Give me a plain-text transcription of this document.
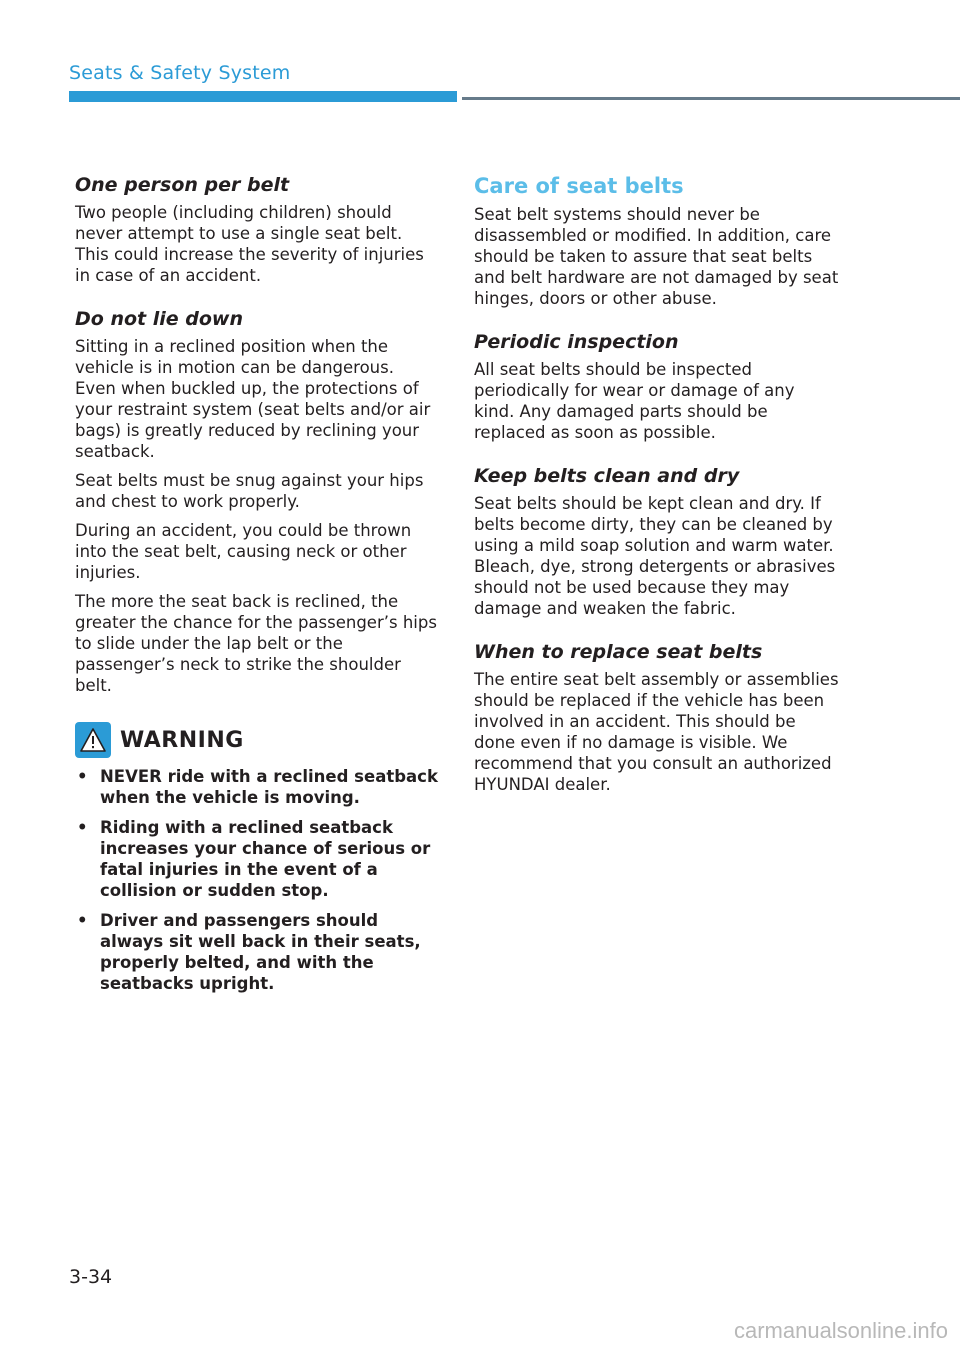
Seats & Safety System
One person per belt

Two people (including children) should never attempt to use a single seat belt. This could increase the severity of injuries in case of an accident.

Do not lie down

Sitting in a reclined position when the vehicle is in motion can be dangerous. Even when buckled up, the protections of your restraint system (seat belts and/or air bags) is greatly reduced by reclining your seatback.

Seat belts must be snug against your hips and chest to work properly.

During an accident, you could be thrown into the seat belt, causing neck or other injuries.

The more the seat back is reclined, the greater the chance for the passenger’s hips to slide under the lap belt or the passenger’s neck to strike the shoulder belt.

WARNING
• NEVER ride with a reclined seatback when the vehicle is moving.
• Riding with a reclined seatback increases your chance of serious or fatal injuries in the event of a collision or sudden stop.
• Driver and passengers should always sit well back in their seats, properly belted, and with the seatbacks upright.
Care of seat belts

Seat belt systems should never be disassembled or modified. In addition, care should be taken to assure that seat belts and belt hardware are not damaged by seat hinges, doors or other abuse.

Periodic inspection

All seat belts should be inspected periodically for wear or damage of any kind. Any damaged parts should be replaced as soon as possible.

Keep belts clean and dry

Seat belts should be kept clean and dry. If belts become dirty, they can be cleaned by using a mild soap solution and warm water. Bleach, dye, strong detergents or abrasives should not be used because they may damage and weaken the fabric.

When to replace seat belts

The entire seat belt assembly or assemblies should be replaced if the vehicle has been involved in an accident. This should be done even if no damage is visible. We recommend that you consult an authorized HYUNDAI dealer.

3-34
carmanualsonline.info
